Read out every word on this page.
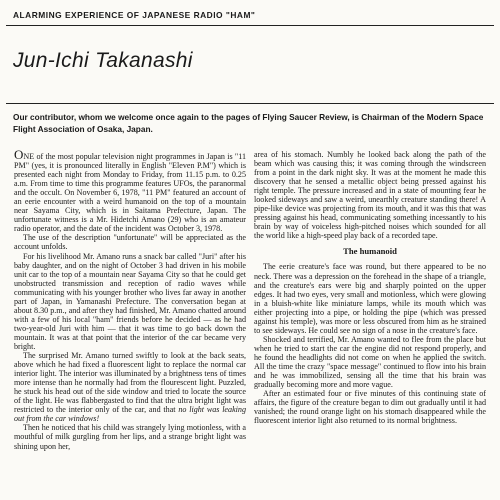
ALARMING EXPERIENCE OF JAPANESE RADIO "HAM"
Jun-Ichi Takanashi
Our contributor, whom we welcome once again to the pages of Flying Saucer Review, is Chairman of the Modern Space Flight Association of Osaka, Japan.

ONE of the most popular television night programmes in Japan is "11 PM" (yes, it is pronounced literally in English "Eleven P.M") which is presented each night from Monday to Friday, from 11.15 p.m. to 0.25 a.m. From time to time this programme features UFOs, the paranormal and the occult. On November 6, 1978, "11 PM" featured an account of an eerie encounter with a weird humanoid on the top of a mountain near Sayama City, which is in Saitama Prefecture, Japan. The unfortunate witness is a Mr. Hidetchi Amano (29) who is an amateur radio operator, and the date of the incident was October 3, 1978.

The use of the description "unfortunate" will be appreciated as the account unfolds.

For his livelihood Mr. Amano runs a snack bar called "Juri" after his baby daughter, and on the night of October 3 had driven in his mobile unit car to the top of a mountain near Sayama City so that he could get unobstructed transmission and reception of radio waves while communicating with his younger brother who lives far away in another part of Japan, in Yamanashi Prefecture. The conversation began at about 8.30 p.m., and after they had finished, Mr. Amano chatted around with a few of his local "ham" friends before he decided — as he had two-year-old Juri with him — that it was time to go back down the mountain. It was at that point that the interior of the car became very bright.

The surprised Mr. Amano turned swiftly to look at the back seats, above which he had fixed a fluorescent light to replace the normal car interior light. The interior was illuminated by a brightness tens of times more intense than he normally had from the flourescent light. Puzzled, he stuck his head out of the side window and tried to locate the source of the light. He was flabbergasted to find that the ultra bright light was restricted to the interior only of the car, and that no light was leaking out from the car windows!

Then he noticed that his child was strangely lying motionless, with a mouthful of milk gurgling from her lips, and a strange bright light was shining upon her,

area of his stomach. Numbly he looked back along the path of the beam which was causing this; it was coming through the windscreen from a point in the dark night sky. It was at the moment he made this discovery that he sensed a metallic object being pressed against his right temple. The pressure increased and in a state of mounting fear he looked sideways and saw a weird, unearthly creature standing there! A pipe-like device was projecting from its mouth, and it was this that was pressing against his head, communicating something incessantly to his brain by way of voiceless high-pitched noises which sounded for all the world like a high-speed play back of a recorded tape.

The humanoid

The eerie creature's face was round, but there appeared to be no neck. There was a depression on the forehead in the shape of a triangle, and the creature's ears were big and sharply pointed on the upper edges. It had two eyes, very small and motionless, which were glowing in a bluish-white like miniature lamps, while its mouth which was either projecting into a pipe, or holding the pipe (which was pressed against his temple), was more or less obscured from him as he strained to see sideways. He could see no sign of a nose in the creature's face.

Shocked and terrified, Mr. Amano wanted to flee from the place but when he tried to start the car the engine did not respond properly, and he found the headlights did not come on when he applied the switch. All the time the crazy "space message" continued to flow into his brain and he was immobilized, sensing all the time that his brain was gradually becoming more and more vague.

After an estimated four or five minutes of this continuing state of affairs, the figure of the creature began to dim out gradually until it had vanished; the round orange light on his stomach disappeared while the fluorescent interior light also returned to its normal brightness.
